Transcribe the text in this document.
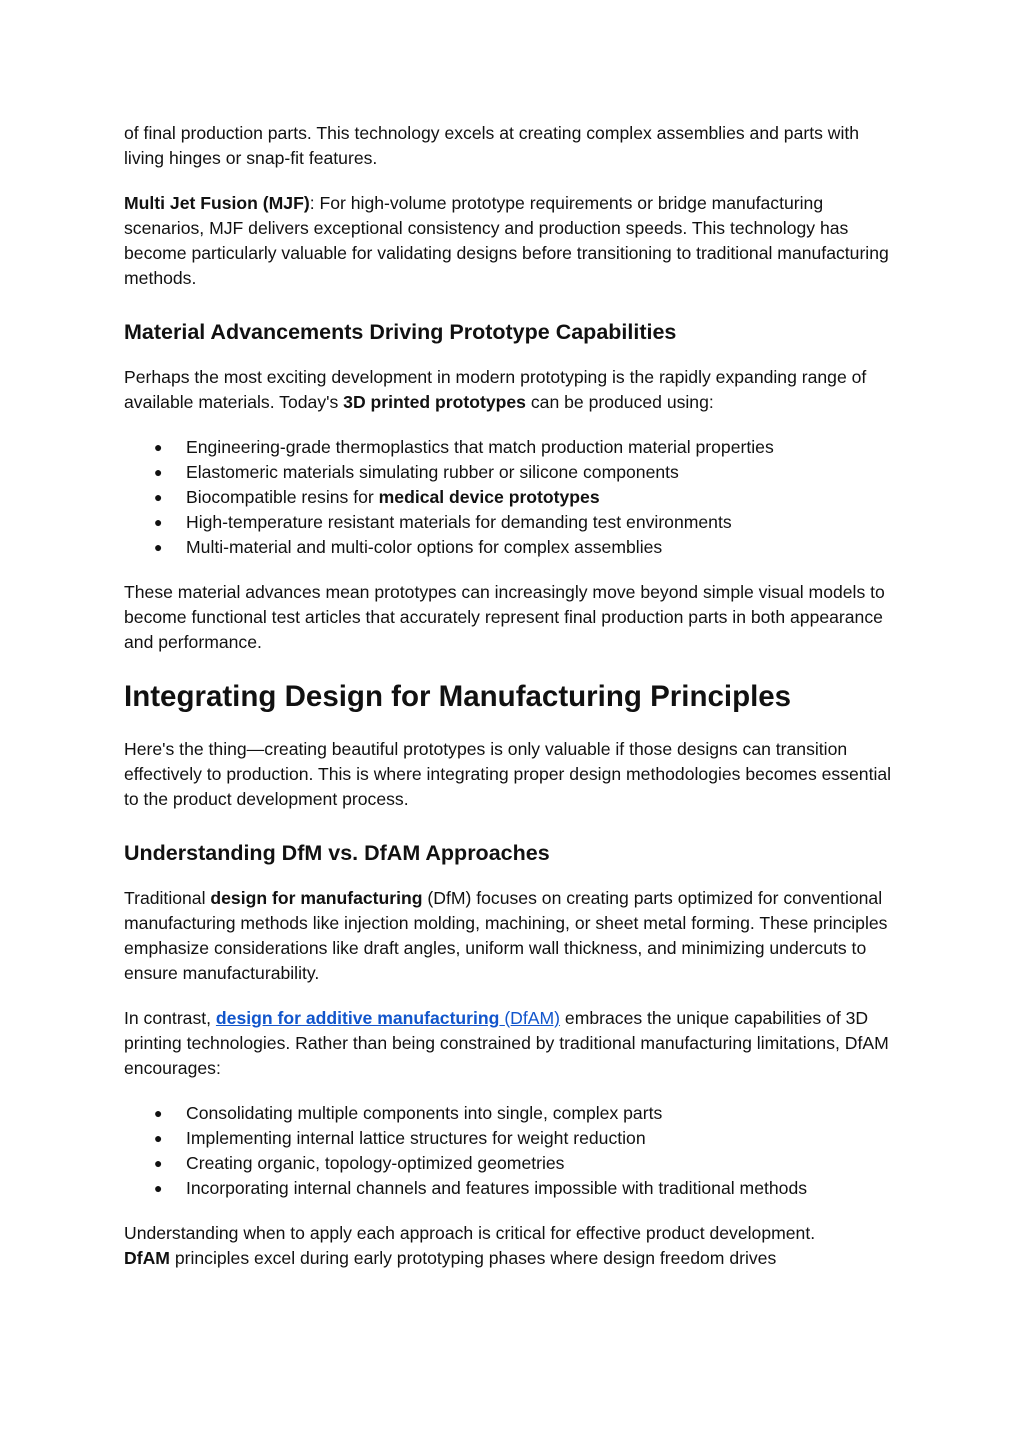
of final production parts. This technology excels at creating complex assemblies and parts with living hinges or snap-fit features.

Multi Jet Fusion (MJF): For high-volume prototype requirements or bridge manufacturing scenarios, MJF delivers exceptional consistency and production speeds. This technology has become particularly valuable for validating designs before transitioning to traditional manufacturing methods.

Material Advancements Driving Prototype Capabilities

Perhaps the most exciting development in modern prototyping is the rapidly expanding range of available materials. Today's 3D printed prototypes can be produced using:

● Engineering-grade thermoplastics that match production material properties
● Elastomeric materials simulating rubber or silicone components
● Biocompatible resins for medical device prototypes
● High-temperature resistant materials for demanding test environments
● Multi-material and multi-color options for complex assemblies

These material advances mean prototypes can increasingly move beyond simple visual models to become functional test articles that accurately represent final production parts in both appearance and performance.

Integrating Design for Manufacturing Principles

Here's the thing—creating beautiful prototypes is only valuable if those designs can transition effectively to production. This is where integrating proper design methodologies becomes essential to the product development process.

Understanding DfM vs. DfAM Approaches

Traditional design for manufacturing (DfM) focuses on creating parts optimized for conventional manufacturing methods like injection molding, machining, or sheet metal forming. These principles emphasize considerations like draft angles, uniform wall thickness, and minimizing undercuts to ensure manufacturability.

In contrast, design for additive manufacturing (DfAM) embraces the unique capabilities of 3D printing technologies. Rather than being constrained by traditional manufacturing limitations, DfAM encourages:

● Consolidating multiple components into single, complex parts
● Implementing internal lattice structures for weight reduction
● Creating organic, topology-optimized geometries
● Incorporating internal channels and features impossible with traditional methods

Understanding when to apply each approach is critical for effective product development.
DfAM principles excel during early prototyping phases where design freedom drives
